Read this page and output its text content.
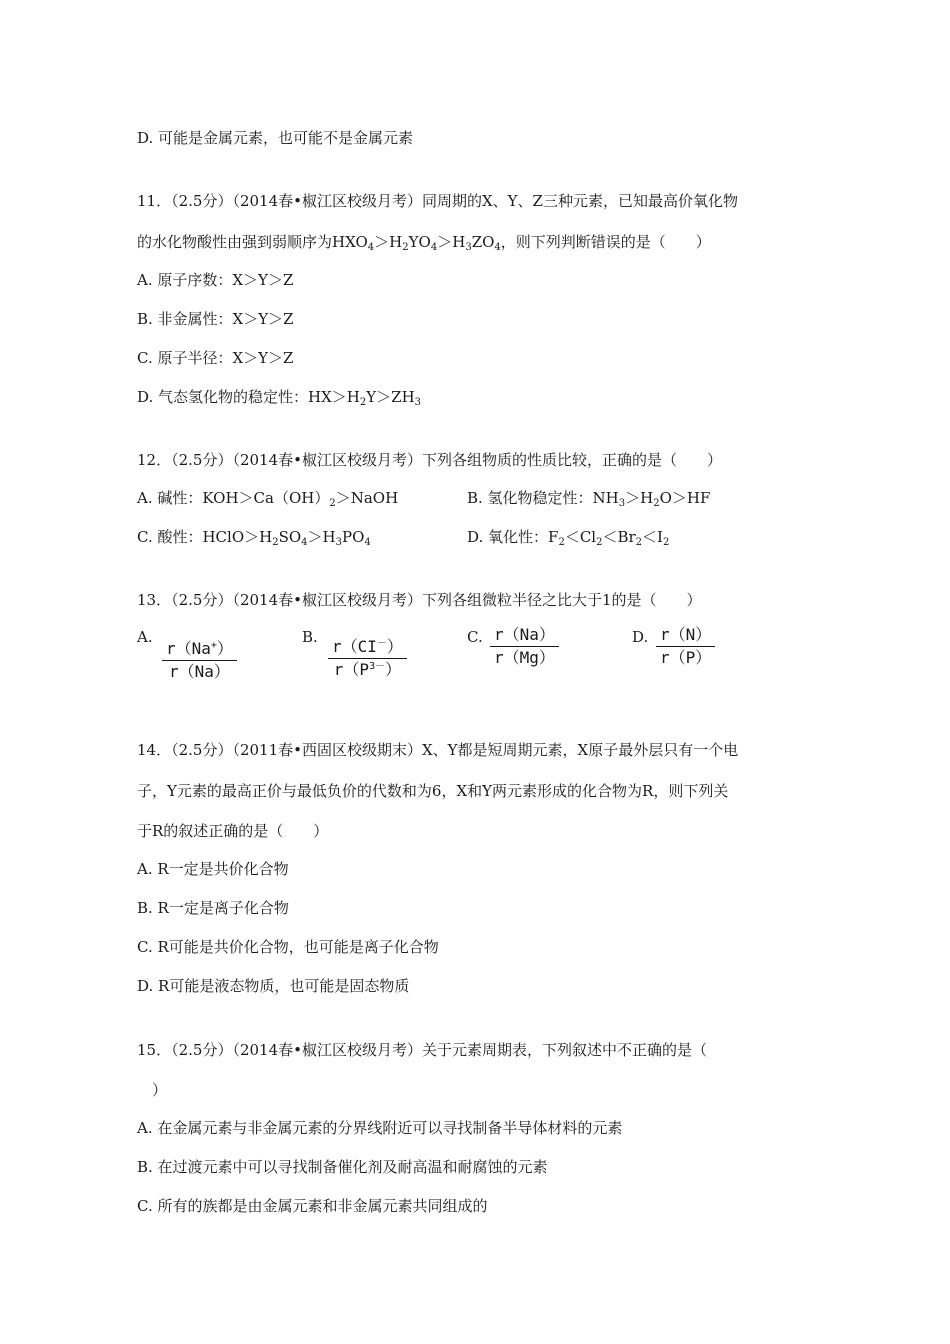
D. 可能是金属元素，也可能不是金属元素
11．（2.5分）（2014春•椒江区校级月考）同周期的X、Y、Z三种元素，已知最高价氧化物
的水化物酸性由强到弱顺序为$HXO_4>H_2YO_4>H_3ZO_4$，则下列判断错误的是（　　）
A. 原子序数：X＞Y＞Z
B. 非金属性：X＞Y＞Z
C. 原子半径：X＞Y＞Z
D. 气态氢化物的稳定性：$HX>H_2Y>ZH_3$
12．（2.5分）（2014春•椒江区校级月考）下列各组物质的性质比较，正确的是（　　）
A. 碱性：$KOH>Ca(OH)_2>NaOH$	B. 氢化物稳定性：$NH_3>H_2O>HF$
C. 酸性：$HClO>H_2SO_4>H_3PO_4$	D. 氧化性：$F_2<Cl_2<Br_2<I_2$
13．（2.5分）（2014春•椒江区校级月考）下列各组微粒半径之比大于1的是（　　）
A.
r（Na+）
r（Na）
B. r（CI－）
$r(P^{3-})$
C. r（Na）
r（Mg）
D. r（N）
r（P）
14．（2.5分）（2011春•西固区校级期末）X、Y都是短周期元素，X原子最外层只有一个电
子，Y元素的最高正价与最低负价的代数和为6，X和Y两元素形成的化合物为R，则下列关
于R的叙述正确的是（　　）
A. R一定是共价化合物
B. R一定是离子化合物
C. R可能是共价化合物，也可能是离子化合物
D. R可能是液态物质，也可能是固态物质
15．（2.5分）（2014春•椒江区校级月考）关于元素周期表，下列叙述中不正确的是（
）
A. 在金属元素与非金属元素的分界线附近可以寻找制备半导体材料的元素
B. 在过渡元素中可以寻找制备催化剂及耐高温和耐腐蚀的元素
C. 所有的族都是由金属元素和非金属元素共同组成的
